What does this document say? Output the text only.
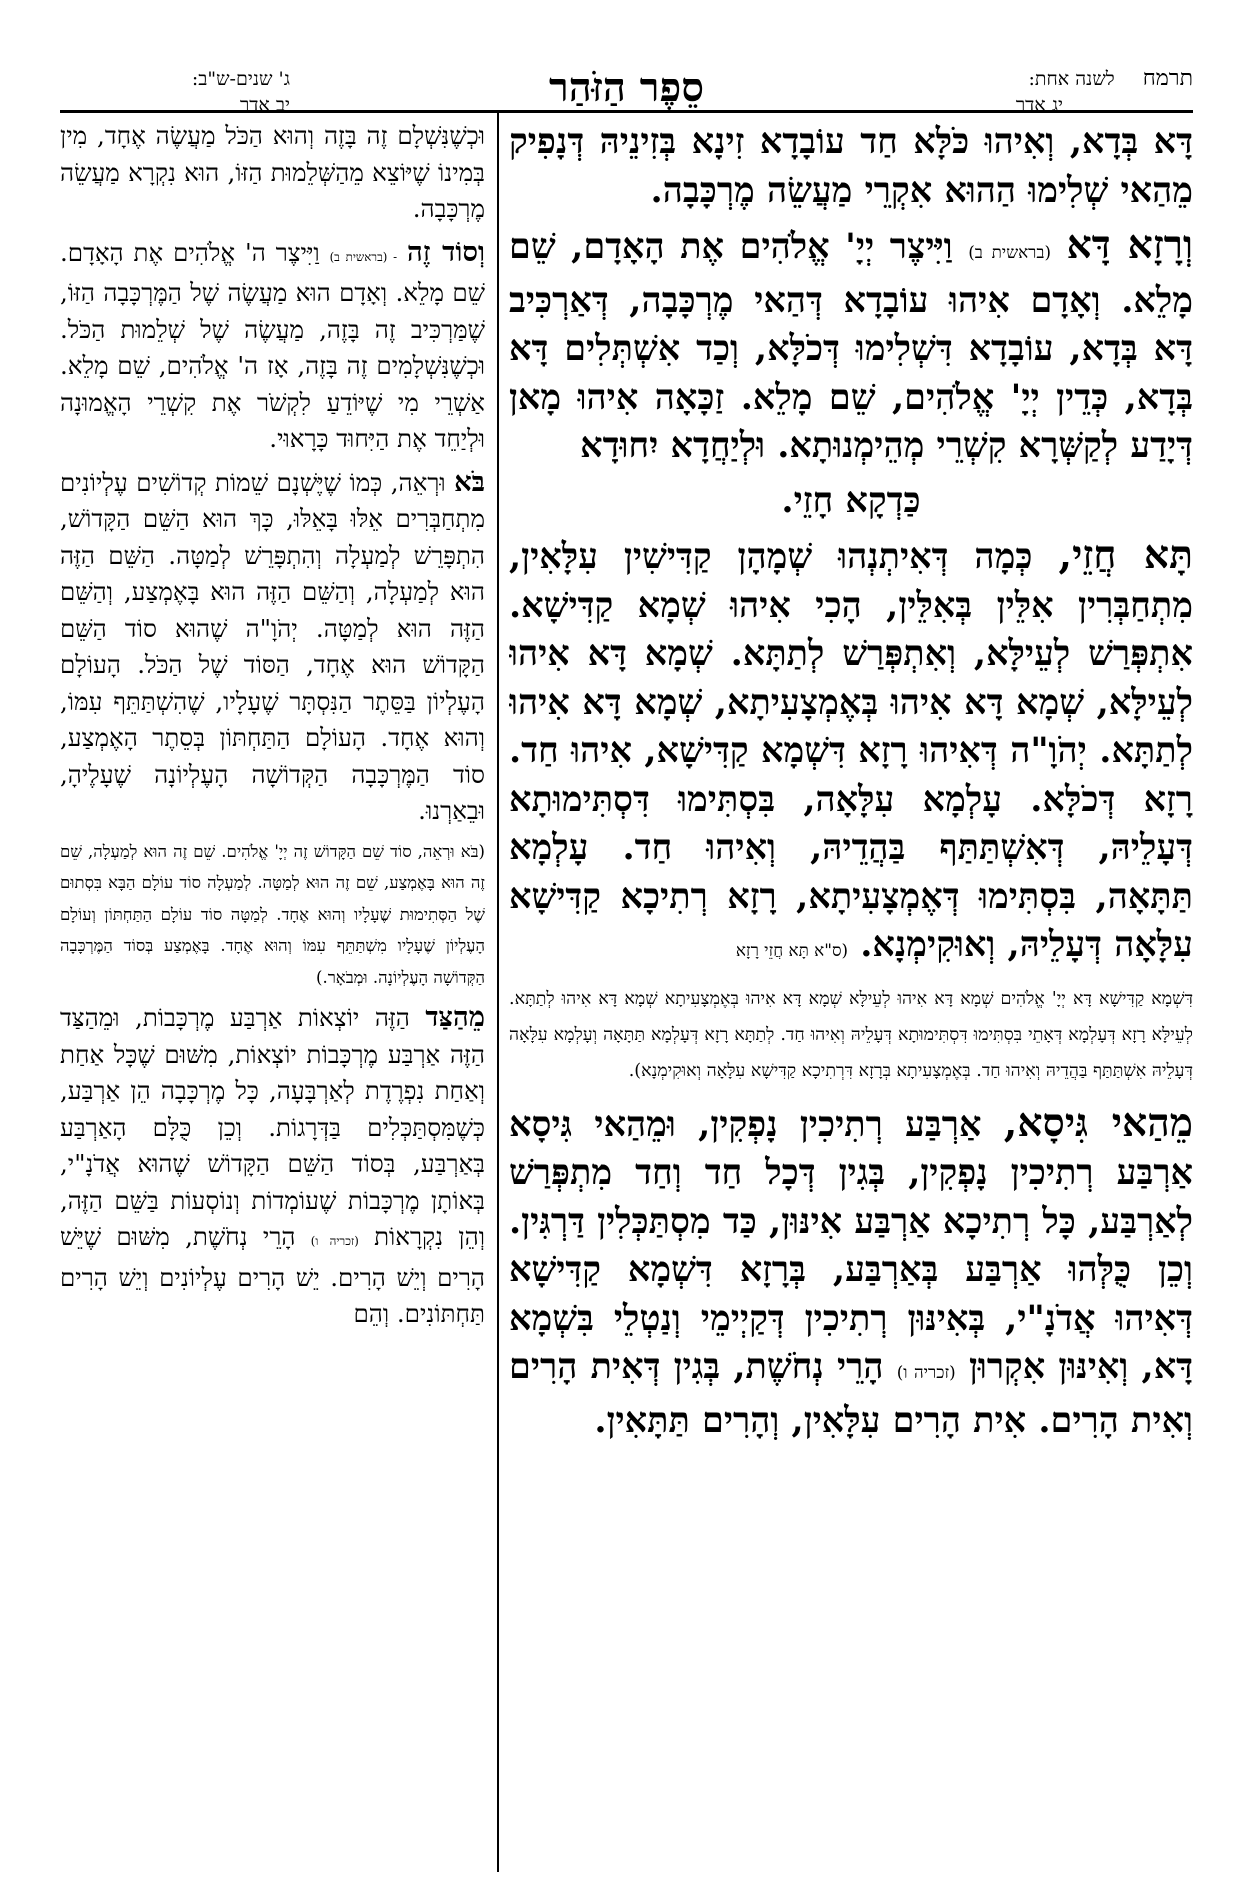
תרמח לשנה אחת:
יג אדר
סֵפֶר הַזֹּהַר
ג' שנים-ש"ב:
יב אדר

דָּא בְּדָא, וְאִיהוּ כֹּלָּא חַד עוֹבָדָא זִינָא בְּזִינֵיהּ דְּנָפִיק מֵהַאי שְׁלִימוּ הַהוּא אִקְרֵי מַעֲשֵׂה מֶרְכָּבָה.

וְרָזָא דָּא (בראשית ב) וַיִּיצֶר יְיָ' אֱלֹהִים אֶת הָאָדָם, שֵׁם מָלֵא. וְאָדָם אִיהוּ עוֹבָדָא דְּהַאי מֶרְכָּבָה, דְּאַרְכִּיב דָּא בְּדָא, עוֹבָדָא דִּשְׁלִימוּ דְּכֹלָּא, וְכַד אִשְׁתְּלִים דָּא בְּדָא, כְּדֵין יְיָ' אֱלֹהִים, שֵׁם מָלֵא. זַכָּאָה אִיהוּ מָאן דְּיָדַע לְקַשְּׁרָא קִשְׁרֵי מְהֵימְנוּתָא. וּלְיַחֲדָא יִחוּדָא

כַּדְקָא חָזֵי.

תָּא חֲזֵי, כְּמָה דְּאִיתְנְהוּ שְׁמָהָן קַדִּישִׁין עִלָּאִין, מִתְחַבְּרִין אִלֵּין בְּאִלֵּין, הָכִי אִיהוּ שְׁמָא קַדִּישָׁא. אִתְפְּרַשׁ לְעֵילָּא, וְאִתְפְּרַשׁ לְתַתָּא. שְׁמָא דָּא אִיהוּ לְעֵילָּא, שְׁמָא דָּא אִיהוּ בְּאֶמְצָעִיתָא, שְׁמָא דָּא אִיהוּ לְתַתָּא. יְהֹוָ"ה דְּאִיהוּ רָזָא דִּשְׁמָא קַדִּישָׁא, אִיהוּ חַד. רָזָא דְּכֹלָּא. עָלְמָא עִלָּאָה, בִּסְתִּימוּ דִּסְתִּימוּתָא דְּעָלֵיהּ, דְּאִשְׁתַּתַּף בַּהֲדֵיהּ, וְאִיהוּ חַד. עָלְמָא תַּתָּאָה, בִּסְתִּימוּ דְּאֶמְצָעִיתָא, רָזָא רְתִיכָא קַדִּישָׁא עִלָּאָה דְּעָלֵיהּ, וְאוּקִימְנָא. (ס"א תָּא חֲזֵי רָזָא

דִּשְׁמָא קַדִּישָׁא דָּא יְיָ' אֱלֹהִים שְׁמָא דָּא אִיהוּ לְעֵילָּא שְׁמָא דָּא אִיהוּ בְּאֶמְצָעִיתָא שְׁמָא דָּא אִיהוּ לְתַתָּא. לְעֵילָּא רָזָא דְּעָלְמָא דְּאָתֵי בִּסְתִּימוּ דִּסְתִּימוּתָא דְּעָלֵיהּ וְאִיהוּ חַד. לְתַתָּא רָזָא דְּעָלְמָא תַּתָּאָה וְעָלְמָא עִלָּאָה דְּעָלֵיהּ אִשְׁתַּתַּף בַּהֲדֵיהּ וְאִיהוּ חַד. בְּאֶמְצָעִיתָא בְּרָזָא דִּרְתִיכָא קַדִּישָׁא עִלָּאָה וְאוּקִימְנָא).

מֵהַאי גִּיסָא, אַרְבַּע רְתִיכִין נָפְקִין, וּמֵהַאי גִּיסָא אַרְבַּע רְתִיכִין נָפְקִין, בְּגִין דְּכָל חַד וְחַד מִתְפְּרַשׁ לְאַרְבַּע, כָּל רְתִיכָא אַרְבַּע אִינּוּן, כַּד מִסְתַּכְּלִין דַּרְגִּין. וְכֵן כֻּלְּהוּ אַרְבַּע בְּאַרְבַּע, בְּרָזָא דִּשְׁמָא קַדִּישָׁא דְּאִיהוּ אֲדֹנָ"י, בְּאִינּוּן רְתִיכִין דְּקַיְימֵי וְנַטְלֵי בִּשְׁמָא דָּא, וְאִינּוּן אִקְרוּן (זכריה ו) הָרֵי נְחֹשֶׁת, בְּגִין דְּאִית הָרִים וְאִית הָרִים. אִית הָרִים עִלָּאִין, וְהָרִים תַּתָּאִין.

וּכְשֶׁנִּשְׁלָם זֶה בָּזֶה וְהוּא הַכֹּל מַעֲשֶׂה אֶחָד, מִין בְּמִינוֹ שֶׁיּוֹצֵא מֵהַשְּׁלֵמוּת הַזּוֹ, הוּא נִקְרָא מַעֲשֵׂה מֶרְכָּבָה.

וְסוֹד זֶה - (בראשית ב) וַיִּיצֶר ה' אֱלֹהִים אֶת הָאָדָם. שֵׁם מָלֵא. וְאָדָם הוּא מַעֲשֶׂה שֶׁל הַמֶּרְכָּבָה הַזּוֹ, שֶׁמַּרְכִּיב זֶה בָּזֶה, מַעֲשֶׂה שֶׁל שְׁלֵמוּת הַכֹּל. וּכְשֶׁנִּשְׁלָמִים זֶה בָּזֶה, אָז ה' אֱלֹהִים, שֵׁם מָלֵא. אַשְׁרֵי מִי שֶׁיּוֹדֵעַ לִקְשֹׁר אֶת קִשְׁרֵי הָאֱמוּנָה וּלְיַחֵד אֶת הַיִּחוּד כָּרָאוּי.

בֹּא וּרְאֵה, כְּמוֹ שֶׁיֶּשְׁנָם שֵׁמוֹת קְדוֹשִׁים עֶלְיוֹנִים מִתְחַבְּרִים אֵלּוּ בָּאֵלּוּ, כָּךְ הוּא הַשֵּׁם הַקָּדוֹשׁ, הִתְפָּרֵשׁ לְמַעְלָה וְהִתְפָּרֵשׁ לְמַטָּה. הַשֵּׁם הַזֶּה הוּא לְמַעְלָה, וְהַשֵּׁם הַזֶּה הוּא בָּאֶמְצַע, וְהַשֵּׁם הַזֶּה הוּא לְמַטָּה. יְהֹוָ"ה שֶׁהוּא סוֹד הַשֵּׁם הַקָּדוֹשׁ הוּא אֶחָד, הַסּוֹד שֶׁל הַכֹּל. הָעוֹלָם הָעֶלְיוֹן בַּסֵּתֶר הַנִּסְתָּר שֶׁעָלָיו, שֶׁהִשְׁתַּתֵּף עִמּוֹ, וְהוּא אֶחָד. הָעוֹלָם הַתַּחְתּוֹן בְּסֵתֶר הָאֶמְצַע, סוֹד הַמֶּרְכָּבָה הַקְּדוֹשָׁה הָעֶלְיוֹנָה שֶׁעָלֶיהָ, וּבֵאַרְנוּ.

(בֹּא וּרְאֵה, סוֹד שֵׁם הַקָּדוֹשׁ זֶה יְיָ' אֱלֹהִים. שֵׁם זֶה הוּא לְמַעְלָה, שֵׁם זֶה הוּא בָּאֶמְצַע, שֵׁם זֶה הוּא לְמַטָּה. לְמַעְלָה סוֹד עוֹלָם הַבָּא בִּסְתוּם שֶׁל הַסְּתִימוּת שֶׁעָלָיו וְהוּא אֶחָד. לְמַטָּה סוֹד עוֹלָם הַתַּחְתּוֹן וְעוֹלָם הָעֶלְיוֹן שֶׁעָלָיו מִשְׁתַּתֵּף עִמּוֹ וְהוּא אֶחָד. בָּאֶמְצַע בְּסוֹד הַמֶּרְכָּבָה הַקְּדוֹשָׁה הָעֶלְיוֹנָה. וּמְבֹאָר.)

מֵהַצַּד הַזֶּה יוֹצְאוֹת אַרְבַּע מֶרְכָּבוֹת, וּמֵהַצַּד הַזֶּה אַרְבַּע מֶרְכָּבוֹת יוֹצְאוֹת, מִשּׁוּם שֶׁכָּל אַחַת וְאַחַת נִפְרֶדֶת לְאַרְבָּעָה, כָּל מֶרְכָּבָה הֵן אַרְבַּע, כְּשֶׁמִּסְתַּכְּלִים בַּדְּרָגוֹת. וְכֵן כֻּלָּם הָאַרְבַּע בְּאַרְבַּע, בְּסוֹד הַשֵּׁם הַקָּדוֹשׁ שֶׁהוּא אֲדֹנָ"י, בְּאוֹתָן מֶרְכָּבוֹת שֶׁעוֹמְדוֹת וְנוֹסְעוֹת בַּשֵּׁם הַזֶּה, וְהֵן נִקְרָאוֹת (זכריה ו) הָרֵי נְחֹשֶׁת, מִשּׁוּם שֶׁיֵּשׁ הָרִים וְיֵשׁ הָרִים. יֵשׁ הָרִים עֶלְיוֹנִים וְיֵשׁ הָרִים תַּחְתּוֹנִים. וְהֵם
